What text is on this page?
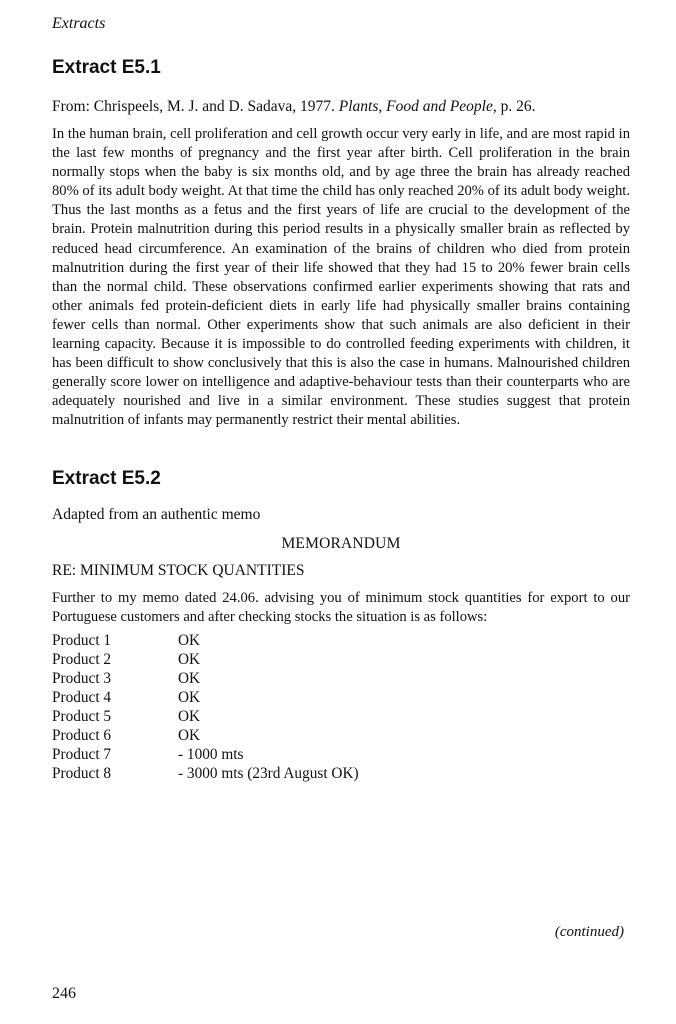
Extracts

Extract E5.1

From: Chrispeels, M. J. and D. Sadava, 1977. Plants, Food and People, p. 26.

In the human brain, cell proliferation and cell growth occur very early in life, and are most rapid in the last few months of pregnancy and the first year after birth. Cell proliferation in the brain normally stops when the baby is six months old, and by age three the brain has already reached 80% of its adult body weight. At that time the child has only reached 20% of its adult body weight. Thus the last months as a fetus and the first years of life are crucial to the development of the brain. Protein malnutrition during this period results in a physically smaller brain as reflected by reduced head circumference. An examination of the brains of children who died from protein malnutrition during the first year of their life showed that they had 15 to 20% fewer brain cells than the normal child. These observations confirmed earlier experiments showing that rats and other animals fed protein-deficient diets in early life had physically smaller brains containing fewer cells than normal. Other experiments show that such animals are also deficient in their learning capacity. Because it is impossible to do controlled feeding experiments with children, it has been difficult to show conclusively that this is also the case in humans. Malnourished children generally score lower on intelligence and adaptive-behaviour tests than their counterparts who are adequately nourished and live in a similar environment. These studies suggest that protein malnutrition of infants may permanently restrict their mental abilities.

Extract E5.2

Adapted from an authentic memo

MEMORANDUM

RE: MINIMUM STOCK QUANTITIES

Further to my memo dated 24.06. advising you of minimum stock quantities for export to our Portuguese customers and after checking stocks the situation is as follows:

Product 1	OK
Product 2	OK
Product 3	OK
Product 4	OK
Product 5	OK
Product 6	OK
Product 7	- 1000 mts
Product 8	- 3000 mts (23rd August OK)
(continued)
246
